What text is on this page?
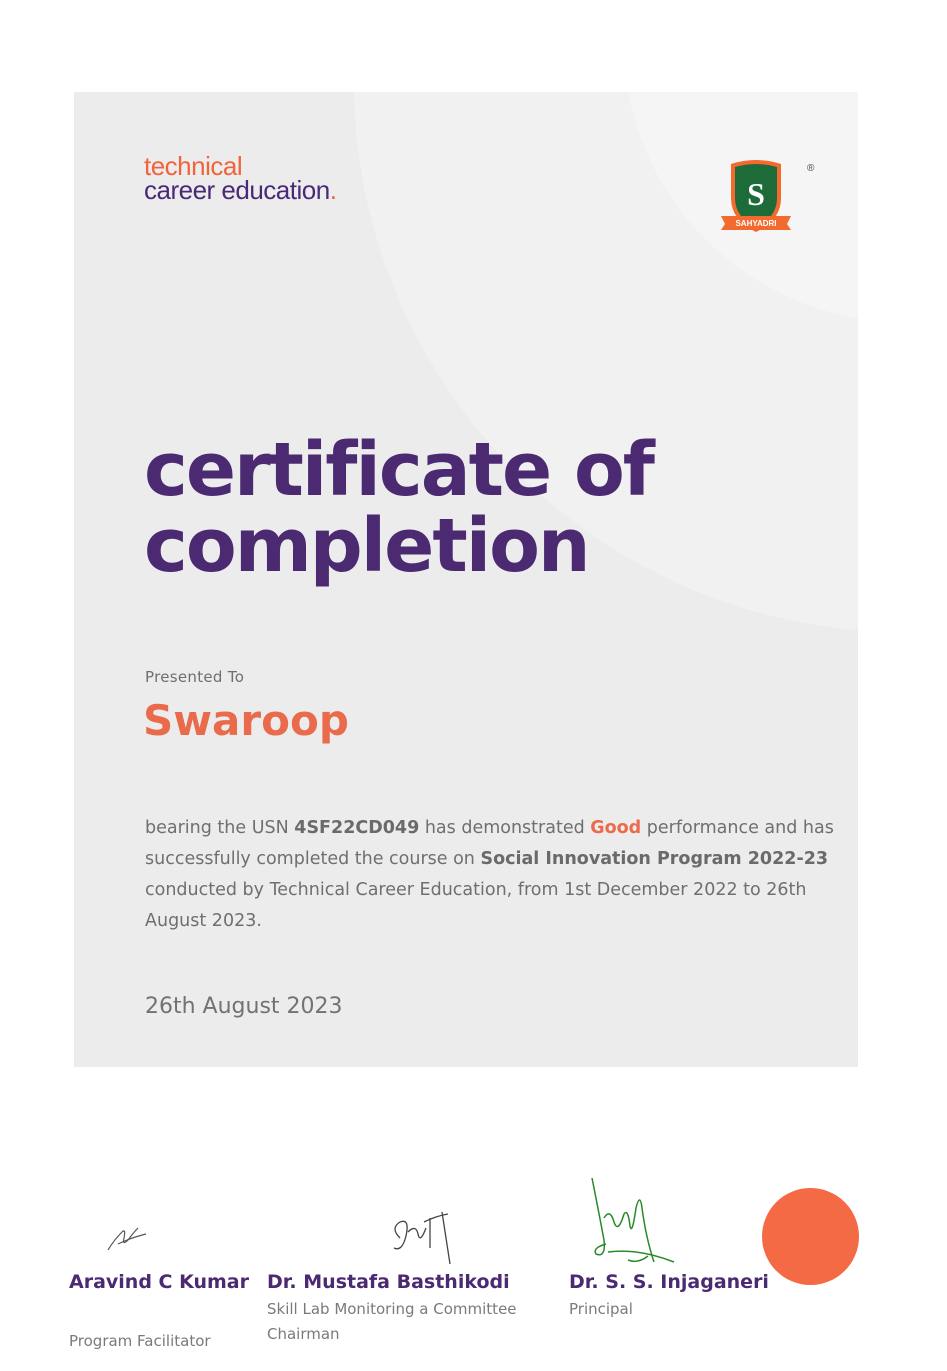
technical
career education.	S
SAHYADRI
®
certificate of
completion
Presented To
Swaroop
bearing the USN 4SF22CD049 has demonstrated Good performance and has successfully completed the course on Social Innovation Program 2022-23 conducted by Technical Career Education, from 1st December 2022 to 26th August 2023.
26th August 2023
Aravind C Kumar
Program Facilitator
Dr. Mustafa Basthikodi
Skill Lab Monitoring a Committee Chairman
Dr. S. S. Injaganeri
Principal
